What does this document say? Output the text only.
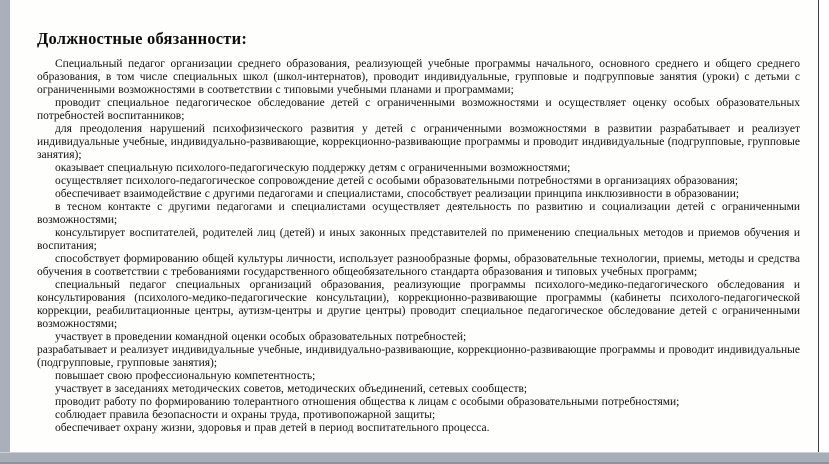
Должностные обязанности:

Специальный педагог организации среднего образования, реализующей учебные программы начального, основного среднего и общего среднего образования, в том числе специальных школ (школ-интернатов), проводит индивидуальные, групповые и подгрупповые занятия (уроки) с детьми с ограниченными возможностями в соответствии с типовыми учебными планами и программами;

проводит специальное педагогическое обследование детей с ограниченными возможностями и осуществляет оценку особых образовательных потребностей воспитанников;

для преодоления нарушений психофизического развития у детей с ограниченными возможностями в развитии разрабатывает и реализует индивидуальные учебные, индивидуально-развивающие, коррекционно-развивающие программы и проводит индивидуальные (подгрупповые, групповые занятия);

оказывает специальную психолого-педагогическую поддержку детям с ограниченными возможностями;

осуществляет психолого-педагогическое сопровождение детей с особыми образовательными потребностями в организациях образования;

обеспечивает взаимодействие с другими педагогами и специалистами, способствует реализации принципа инклюзивности в образовании;

в тесном контакте с другими педагогами и специалистами осуществляет деятельность по развитию и социализации детей с ограниченными возможностями;

консультирует воспитателей, родителей лиц (детей) и иных законных представителей по применению специальных методов и приемов обучения и воспитания;

способствует формированию общей культуры личности, использует разнообразные формы, образовательные технологии, приемы, методы и средства обучения в соответствии с требованиями государственного общеобязательного стандарта образования и типовых учебных программ;

специальный педагог специальных организаций образования, реализующие программы психолого-медико-педагогического обследования и консультирования (психолого-медико-педагогические консультации), коррекционно-развивающие программы (кабинеты психолого-педагогической коррекции, реабилитационные центры, аутизм-центры и другие центры) проводит специальное педагогическое обследование детей с ограниченными возможностями;

участвует в проведении командной оценки особых образовательных потребностей;

разрабатывает и реализует индивидуальные учебные, индивидуально-развивающие, коррекционно-развивающие программы и проводит индивидуальные (подгрупповые, групповые занятия);

повышает свою профессиональную компетентность;

участвует в заседаниях методических советов, методических объединений, сетевых сообществ;

проводит работу по формированию толерантного отношения общества к лицам с особыми образовательными потребностями;

соблюдает правила безопасности и охраны труда, противопожарной защиты;

обеспечивает охрану жизни, здоровья и прав детей в период воспитательного процесса.
